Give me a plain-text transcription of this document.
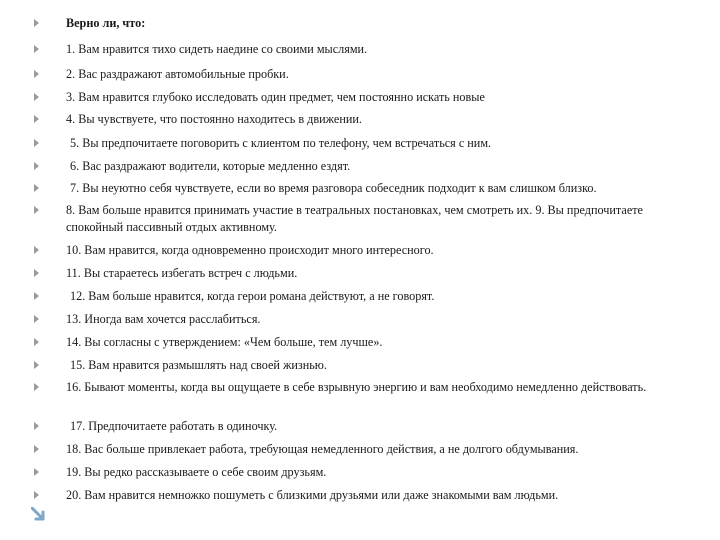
Верно ли, что:
1. Вам нравится тихо сидеть наедине со своими мыслями.
2. Вас раздражают автомобильные пробки.
3. Вам нравится глубоко исследовать один предмет, чем постоянно искать новые
4. Вы чувствуете, что постоянно находитесь в движении.
5. Вы предпочитаете поговорить с клиентом по телефону, чем встречаться с ним.
6. Вас раздражают водители, которые медленно ездят.
7. Вы неуютно себя чувствуете, если во время разговора собеседник подходит к вам слишком близко.
8. Вам больше нравится принимать участие в театральных постановках, чем смотреть их. 9. Вы предпочитаете спокойный пассивный отдых активному.
10. Вам нравится, когда одновременно происходит много интересного.
11. Вы стараетесь избегать встреч с людьми.
12. Вам больше нравится, когда герои романа действуют, а не говорят.
13. Иногда вам хочется расслабиться.
14. Вы согласны с утверждением: «Чем больше, тем лучше».
15. Вам нравится размышлять над своей жизнью.
16. Бывают моменты, когда вы ощущаете в себе взрывную энергию и вам необходимо немедленно действовать.
17. Предпочитаете работать в одиночку.
18. Вас больше привлекает работа, требующая немедленного действия, а не долгого обдумывания.
19. Вы редко рассказываете о себе своим друзьям.
20. Вам нравится немножко пошуметь с близкими друзьями или даже знакомыми вам людьми.
